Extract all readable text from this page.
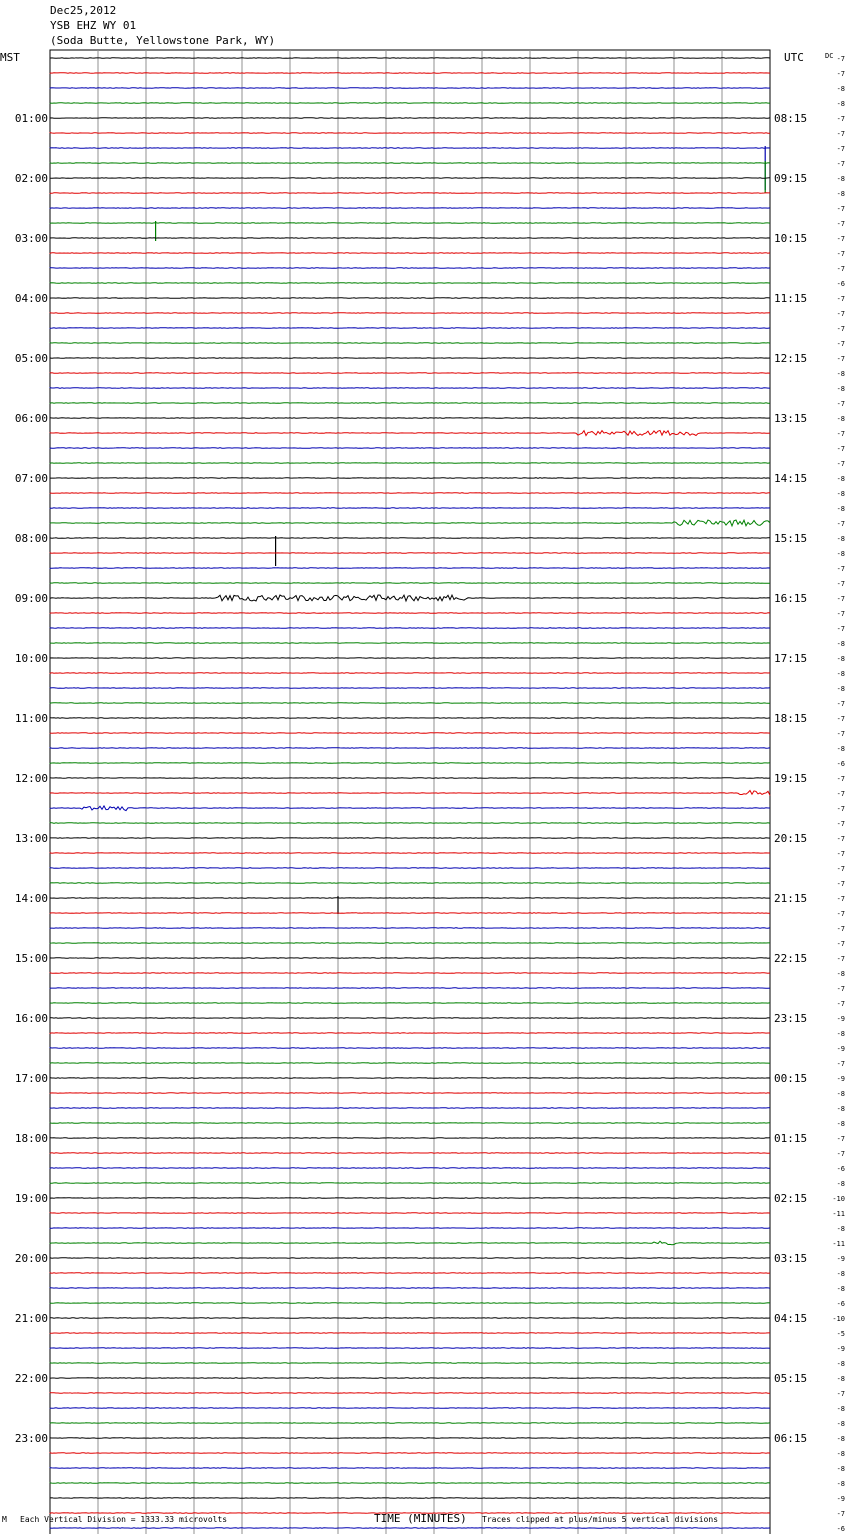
Dec25,2012
YSB EHZ WY 01
(Soda Butte, Yellowstone Park, WY)
MST	UTC	DC
01:00
02:00
03:00
04:00
05:00
06:00
07:00
08:00
09:00
10:00
11:00
12:00
13:00
14:00
15:00
16:00
17:00
18:00
19:00
20:00
21:00
22:00
23:00
08:15
09:15
10:15
11:15
12:15
13:15
14:15
15:15
16:15
17:15
18:15
19:15
20:15
21:15
22:15
23:15
00:15
01:15
02:15
03:15
04:15
05:15
06:15
-7
-7
-8
-8
-7
-7
-7
-7
-8
-8
-7
-7
-7
-7
-7
-6
-7
-7
-7
-7
-7
-8
-8
-7
-8
-7
-7
-7
-8
-8
-8
-7
-8
-8
-7
-7
-7
-7
-7
-8
-8
-8
-8
-7
-7
-7
-8
-6
-7
-7
-7
-7
-7
-7
-7
-7
-7
-7
-7
-7
-7
-8
-7
-7
-9
-8
-9
-7
-9
-8
-8
-8
-7
-7
-6
-8
-10
-11
-8
-11
-9
-8
-8
-6
-10
-5
-9
-8
-8
-7
-8
-8
-8
-8
-8
-8
-9
-7
-6
M Each Vertical Division = 1333.33 microvolts	TIME (MINUTES) Traces clipped at plus/minus 5 vertical divisions
